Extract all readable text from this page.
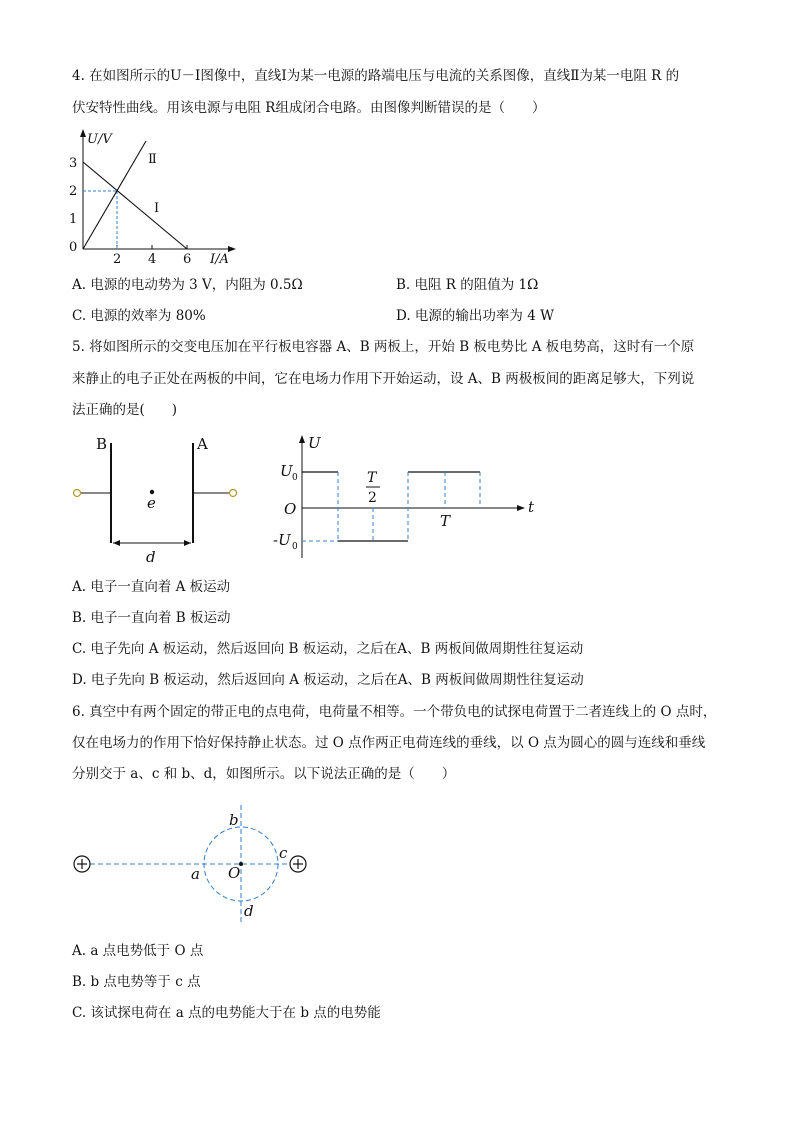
4. 在如图所示的U－I图像中，直线Ⅰ为某一电源的路端电压与电流的关系图像，直线Ⅱ为某一电阻 R 的
伏安特性曲线。用该电源与电阻 R组成闭合电路。由图像判断错误的是（　　）
U/V
3
2
1
0
2 4 6 I/A
Ⅱ
Ⅰ
A. 电源的电动势为 3 V，内阻为 0.5Ω	B. 电阻 R 的阻值为 1Ω
C. 电源的效率为 80%	D. 电源的输出功率为 4 W
5. 将如图所示的交变电压加在平行板电容器 A、B 两板上，开始 B 板电势比 A 板电势高，这时有一个原
来静止的电子正处在两板的中间，它在电场力作用下开始运动，设 A、B 两极板间的距离足够大，下列说
法正确的是(　　)
B	A
e
d
U
t
U 0
-U 0
O
T
2
T
A. 电子一直向着 A 板运动
B. 电子一直向着 B 板运动
C. 电子先向 A 板运动，然后返回向 B 板运动，之后在A、B 两板间做周期性往复运动
D. 电子先向 B 板运动，然后返回向 A 板运动，之后在A、B 两板间做周期性往复运动
6. 真空中有两个固定的带正电的点电荷，电荷量不相等。一个带负电的试探电荷置于二者连线上的 O 点时，
仅在电场力的作用下恰好保持静止状态。过 O 点作两正电荷连线的垂线，以 O 点为圆心的圆与连线和垂线
分别交于 a、c 和 b、d，如图所示。以下说法正确的是（　　）
b
c
a O
d
A. a 点电势低于 O 点
B. b 点电势等于 c 点
C. 该试探电荷在 a 点的电势能大于在 b 点的电势能
